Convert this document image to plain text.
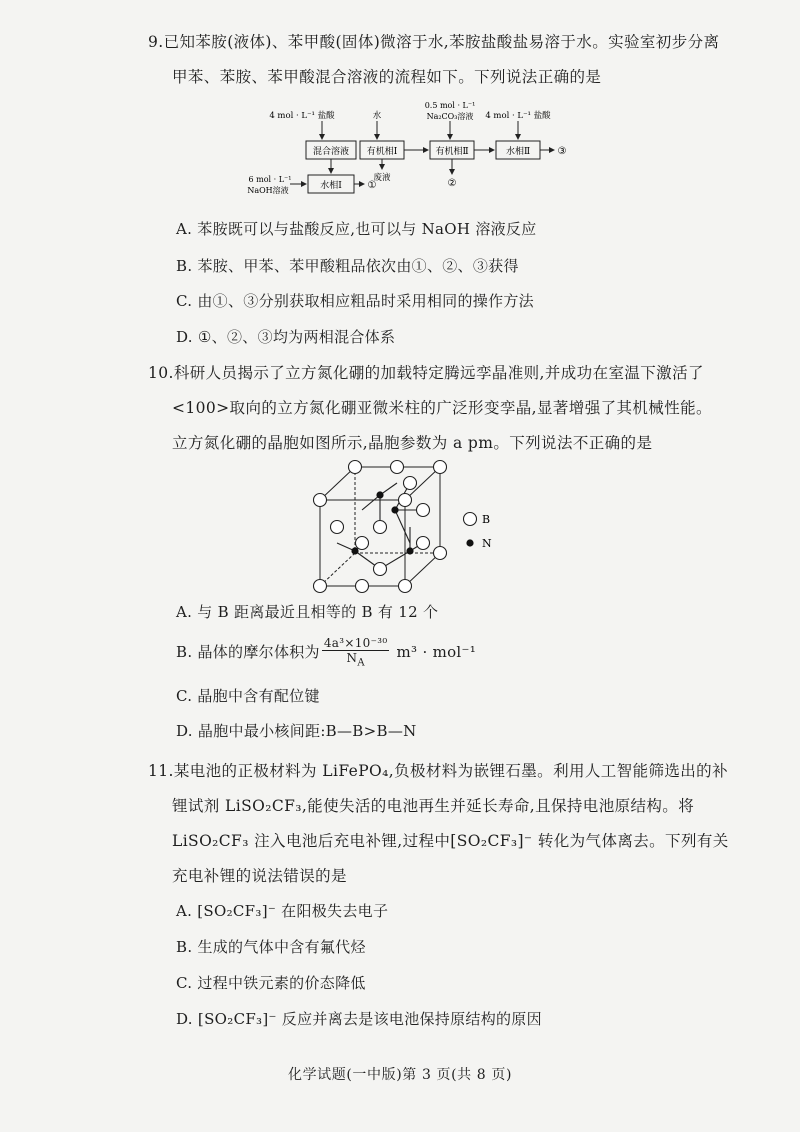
9.已知苯胺(液体)、苯甲酸(固体)微溶于水,苯胺盐酸盐易溶于水。实验室初步分离
甲苯、苯胺、苯甲酸混合溶液的流程如下。下列说法正确的是
4 mol · L⁻¹ 盐酸	水
0.5 mol · L⁻¹
Na₂CO₃溶液 4 mol · L⁻¹ 盐酸
混合溶液 有机相Ⅰ	有机相Ⅱ	水相Ⅱ	③
废液	②
水相Ⅰ	①
6 mol · L⁻¹
NaOH溶液
A. 苯胺既可以与盐酸反应,也可以与 NaOH 溶液反应
B. 苯胺、甲苯、苯甲酸粗品依次由①、②、③获得
C. 由①、③分别获取相应粗品时采用相同的操作方法
D. ①、②、③均为两相混合体系
10.科研人员揭示了立方氮化硼的加载特定腾远孪晶准则,并成功在室温下激活了
<100>取向的立方氮化硼亚微米柱的广泛形变孪晶,显著增强了其机械性能。
立方氮化硼的晶胞如图所示,晶胞参数为 a pm。下列说法不正确的是
B
N
A. 与 B 距离最近且相等的 B 有 12 个
B. 晶体的摩尔体积为 $\frac{\text{4a³×10⁻³⁰}}{N_A} m^3 \cdot mol^{-1}$
C. 晶胞中含有配位键
D. 晶胞中最小核间距:B—B>B—N
11.某电池的正极材料为 LiFePO₄,负极材料为嵌锂石墨。利用人工智能筛选出的补
锂试剂 LiSO₂CF₃,能使失活的电池再生并延长寿命,且保持电池原结构。将
LiSO₂CF₃ 注入电池后充电补锂,过程中[SO₂CF₃]⁻ 转化为气体离去。下列有关
充电补锂的说法错误的是
A. [SO₂CF₃]⁻ 在阳极失去电子
B. 生成的气体中含有氟代烃
C. 过程中铁元素的价态降低
D. [SO₂CF₃]⁻ 反应并离去是该电池保持原结构的原因
化学试题(一中版)第 3 页(共 8 页)
